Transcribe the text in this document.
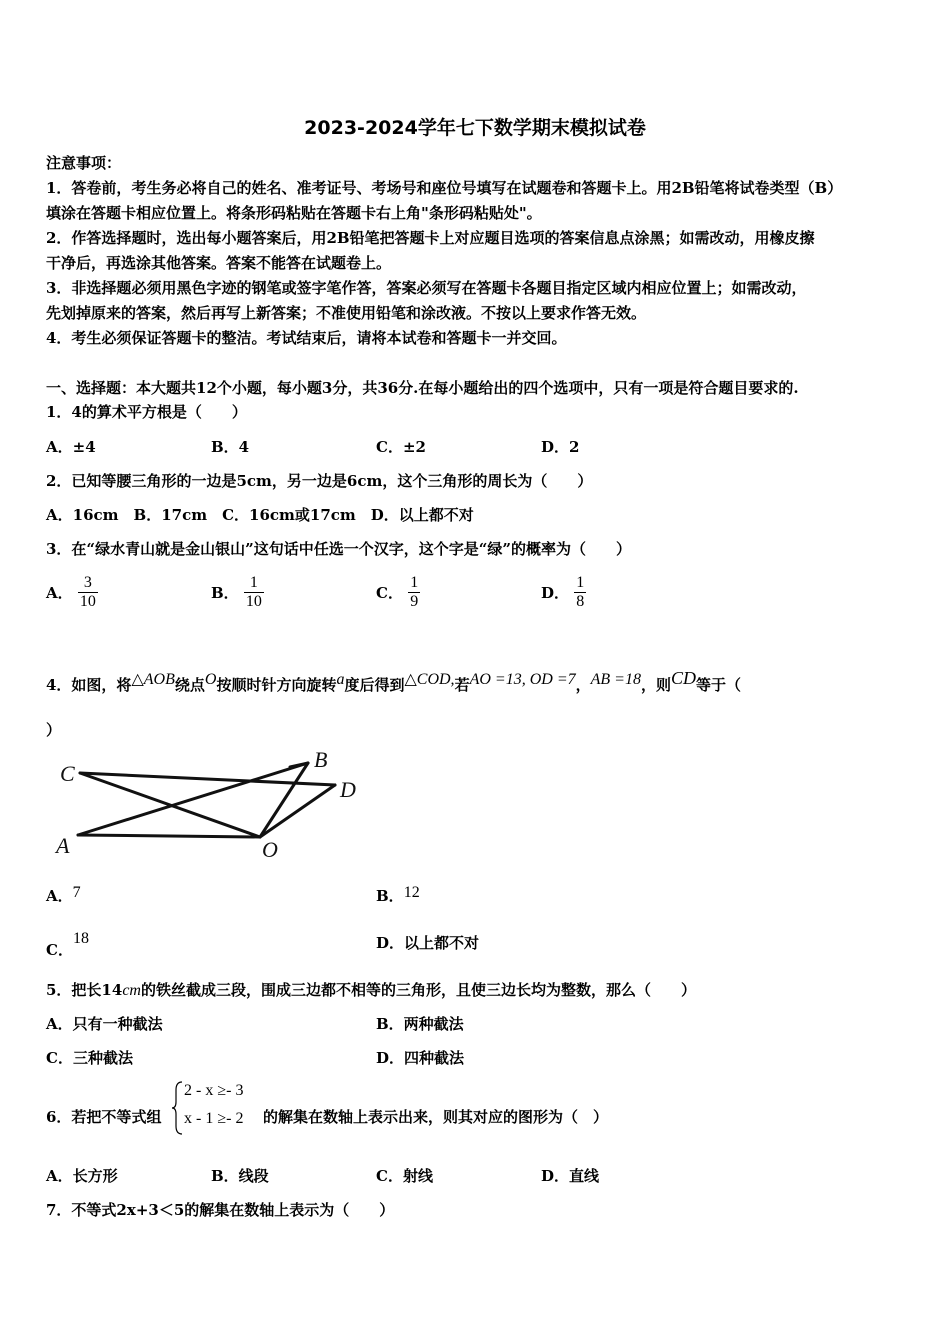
2023-2024学年七下数学期末模拟试卷
注意事项：
1．答卷前，考生务必将自己的姓名、准考证号、考场号和座位号填写在试题卷和答题卡上。用2B铅笔将试卷类型（B）
填涂在答题卡相应位置上。将条形码粘贴在答题卡右上角"条形码粘贴处"。
2．作答选择题时，选出每小题答案后，用2B铅笔把答题卡上对应题目选项的答案信息点涂黑；如需改动，用橡皮擦
干净后，再选涂其他答案。答案不能答在试题卷上。
3．非选择题必须用黑色字迹的钢笔或签字笔作答，答案必须写在答题卡各题目指定区域内相应位置上；如需改动，
先划掉原来的答案，然后再写上新答案；不准使用铅笔和涂改液。不按以上要求作答无效。
4．考生必须保证答题卡的整洁。考试结束后，请将本试卷和答题卡一并交回。
一、选择题：本大题共12个小题，每小题3分，共36分.在每小题给出的四个选项中，只有一项是符合题目要求的.
1．4的算术平方根是（　　）
A．±4	B．4	C．±2	D．2
2．已知等腰三角形的一边是5cm，另一边是6cm，这个三角形的周长为（　　）
A．16cm　B．17cm　C．16cm或17cm　D．以上都不对
3．在“绿水青山就是金山银山”这句话中任选一个汉字，这个字是“绿”的概率为（　　）
A． $\frac{3}{10}$	B． $\frac{1}{10}$	C． $\frac{1}{9}$	D． $\frac{1}{8}$
4．如图，将△AOB绕点O按顺时针方向旋转a度后得到△COD,若AO =13, OD =7，AB =18，则CD等于（
）
C
B
D
A	O
A．7	B．12
C．18	D．以上都不对
5．把长14cm的铁丝截成三段，围成三边都不相等的三角形，且使三边长均为整数，那么（　　）
A．只有一种截法	B．两种截法
C．三种截法	D．四种截法
6．若把不等式组
2 - x ≥- 3
x - 1 ≥- 2 的解集在数轴上表示出来，则其对应的图形为（　）
A．长方形	B．线段	C．射线	D．直线
7．不等式2x+3＜5的解集在数轴上表示为（　　）
